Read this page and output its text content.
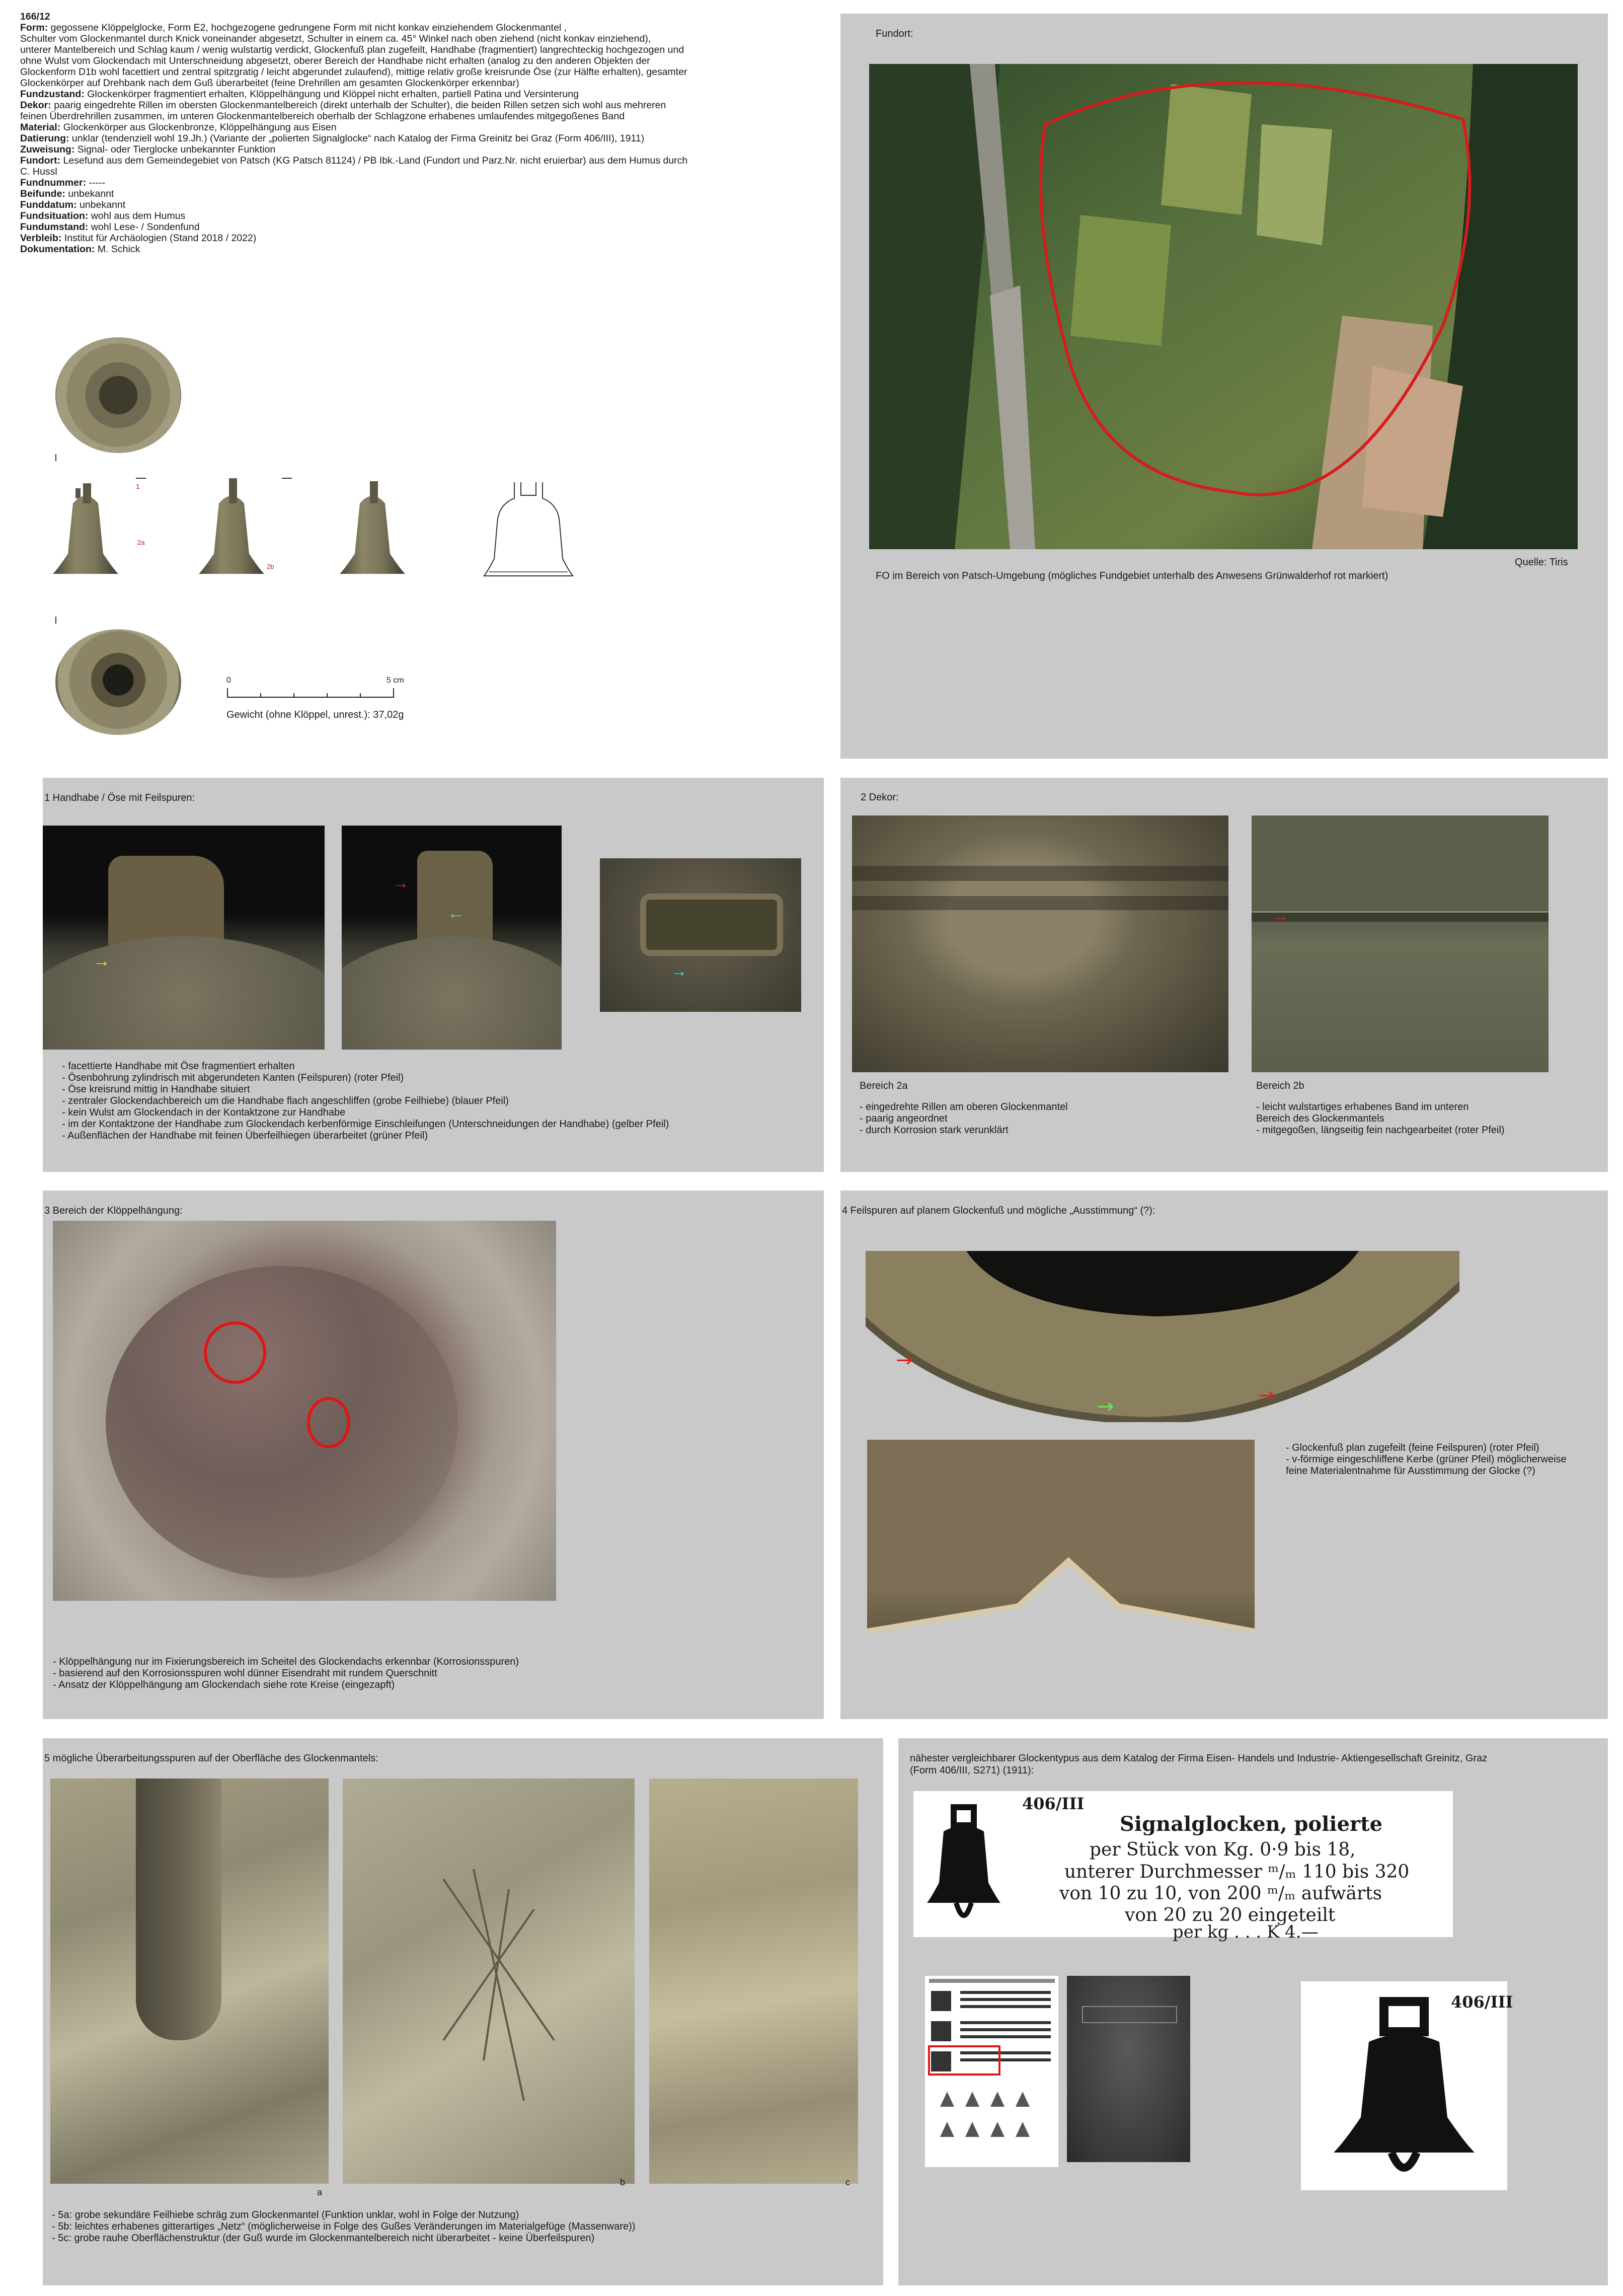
166/12
Form: gegossene Klöppelglocke, Form E2, hochgezogene gedrungene Form mit nicht konkav einziehendem Glockenmantel ,
Schulter vom Glockenmantel durch Knick voneinander abgesetzt, Schulter in einem ca. 45° Winkel nach oben ziehend (nicht konkav einziehend),
unterer Mantelbereich und Schlag kaum / wenig wulstartig verdickt, Glockenfuß plan zugefeilt, Handhabe (fragmentiert) langrechteckig hochgezogen und
ohne Wulst vom Glockendach mit Unterschneidung abgesetzt, oberer Bereich der Handhabe nicht erhalten (analog zu den anderen Objekten der
Glockenform D1b wohl facettiert und zentral spitzgratig / leicht abgerundet zulaufend), mittige relativ große kreisrunde Öse (zur Hälfte erhalten), gesamter
Glockenkörper auf Drehbank nach dem Guß überarbeitet (feine Drehrillen am gesamten Glockenkörper erkennbar)
Fundzustand: Glockenkörper fragmentiert erhalten, Klöppelhängung und Klöppel nicht erhalten, partiell Patina und Versinterung
Dekor: paarig eingedrehte Rillen im obersten Glockenmantelbereich (direkt unterhalb der Schulter), die beiden Rillen setzen sich wohl aus mehreren
feinen Überdrehrillen zusammen, im unteren Glockenmantelbereich oberhalb der Schlagzone erhabenes umlaufendes mitgegoßenes Band
Material: Glockenkörper aus Glockenbronze, Klöppelhängung aus Eisen
Datierung: unklar (tendenziell wohl 19.Jh.) (Variante der „polierten Signalglocke“ nach Katalog der Firma Greinitz bei Graz (Form 406/III), 1911)
Zuweisung: Signal- oder Tierglocke unbekannter Funktion
Fundort: Lesefund aus dem Gemeindegebiet von Patsch (KG Patsch 81124) / PB Ibk.-Land (Fundort und Parz.Nr. nicht eruierbar) aus dem Humus durch
C. Hussl
Fundnummer: -----
Beifunde: unbekannt
Funddatum: unbekannt
Fundsituation: wohl aus dem Humus
Fundumstand: wohl Lese- / Sondenfund
Verbleib: Institut für Archäologien (Stand 2018 / 2022)
Dokumentation: M. Schick
1
2a
2b
0	5 cm
Gewicht (ohne Klöppel, unrest.): 37,02g
Fundort:
Quelle: Tiris
FO im Bereich von Patsch-Umgebung (mögliches Fundgebiet unterhalb des Anwesens Grünwalderhof rot markiert)
1 Handhabe / Öse mit Feilspuren:
→
→
←
→
- facettierte Handhabe mit Öse fragmentiert erhalten
- Ösenbohrung zylindrisch mit abgerundeten Kanten (Feilspuren) (roter Pfeil)
- Öse kreisrund mittig in Handhabe situiert
- zentraler Glockendachbereich um die Handhabe flach angeschliffen (grobe Feilhiebe) (blauer Pfeil)
- kein Wulst am Glockendach in der Kontaktzone zur Handhabe
- im der Kontaktzone der Handhabe zum Glockendach kerbenförmige Einschleifungen (Unterschneidungen der Handhabe) (gelber Pfeil)
- Außenflächen der Handhabe mit feinen Überfeilhiegen überarbeitet (grüner Pfeil)
2 Dekor:
→
Bereich 2a
- eingedrehte Rillen am oberen Glockenmantel
- paarig angeordnet
- durch Korrosion stark verunklärt
Bereich 2b
- leicht wulstartiges erhabenes Band im unteren
Bereich des Glockenmantels
- mitgegoßen, längseitig fein nachgearbeitet (roter Pfeil)
3 Bereich der Klöppelhängung:
- Klöppelhängung nur im Fixierungsbereich im Scheitel des Glockendachs erkennbar (Korrosionsspuren)
- basierend auf den Korrosionsspuren wohl dünner Eisendraht mit rundem Querschnitt
- Ansatz der Klöppelhängung am Glockendach siehe rote Kreise (eingezapft)
4 Feilspuren auf planem Glockenfuß und mögliche „Ausstimmung“ (?):
→
→	→
- Glockenfuß plan zugefeilt (feine Feilspuren) (roter Pfeil)
- v-förmige eingeschliffene Kerbe (grüner Pfeil) möglicherweise
feine Materialentnahme für Ausstimmung der Glocke (?)
5 mögliche Überarbeitungsspuren auf der Oberfläche des Glockenmantels:
a
b	c
- 5a: grobe sekundäre Feilhiebe schräg zum Glockenmantel (Funktion unklar, wohl in Folge der Nutzung)
- 5b: leichtes erhabenes gitterartiges „Netz“ (möglicherweise in Folge des Gußes Veränderungen im Materialgefüge (Massenware))
- 5c: grobe rauhe Oberflächenstruktur (der Guß wurde im Glockenmantelbereich nicht überarbeitet - keine Überfeilspuren)
nähester vergleichbarer Glockentypus aus dem Katalog der Firma Eisen- Handels und Industrie- Aktiengesellschaft Greinitz, Graz
(Form 406/III, S271) (1911):
406/III
Signalglocken, polierte
per Stück von Kg. 0·9 bis 18,
unterer Durchmesser ᵐ/ₘ 110 bis 320
von 10 zu 10, von 200 ᵐ/ₘ aufwärts
von 20 zu 20 eingeteilt
per kg . . . K 4.—
406/III
